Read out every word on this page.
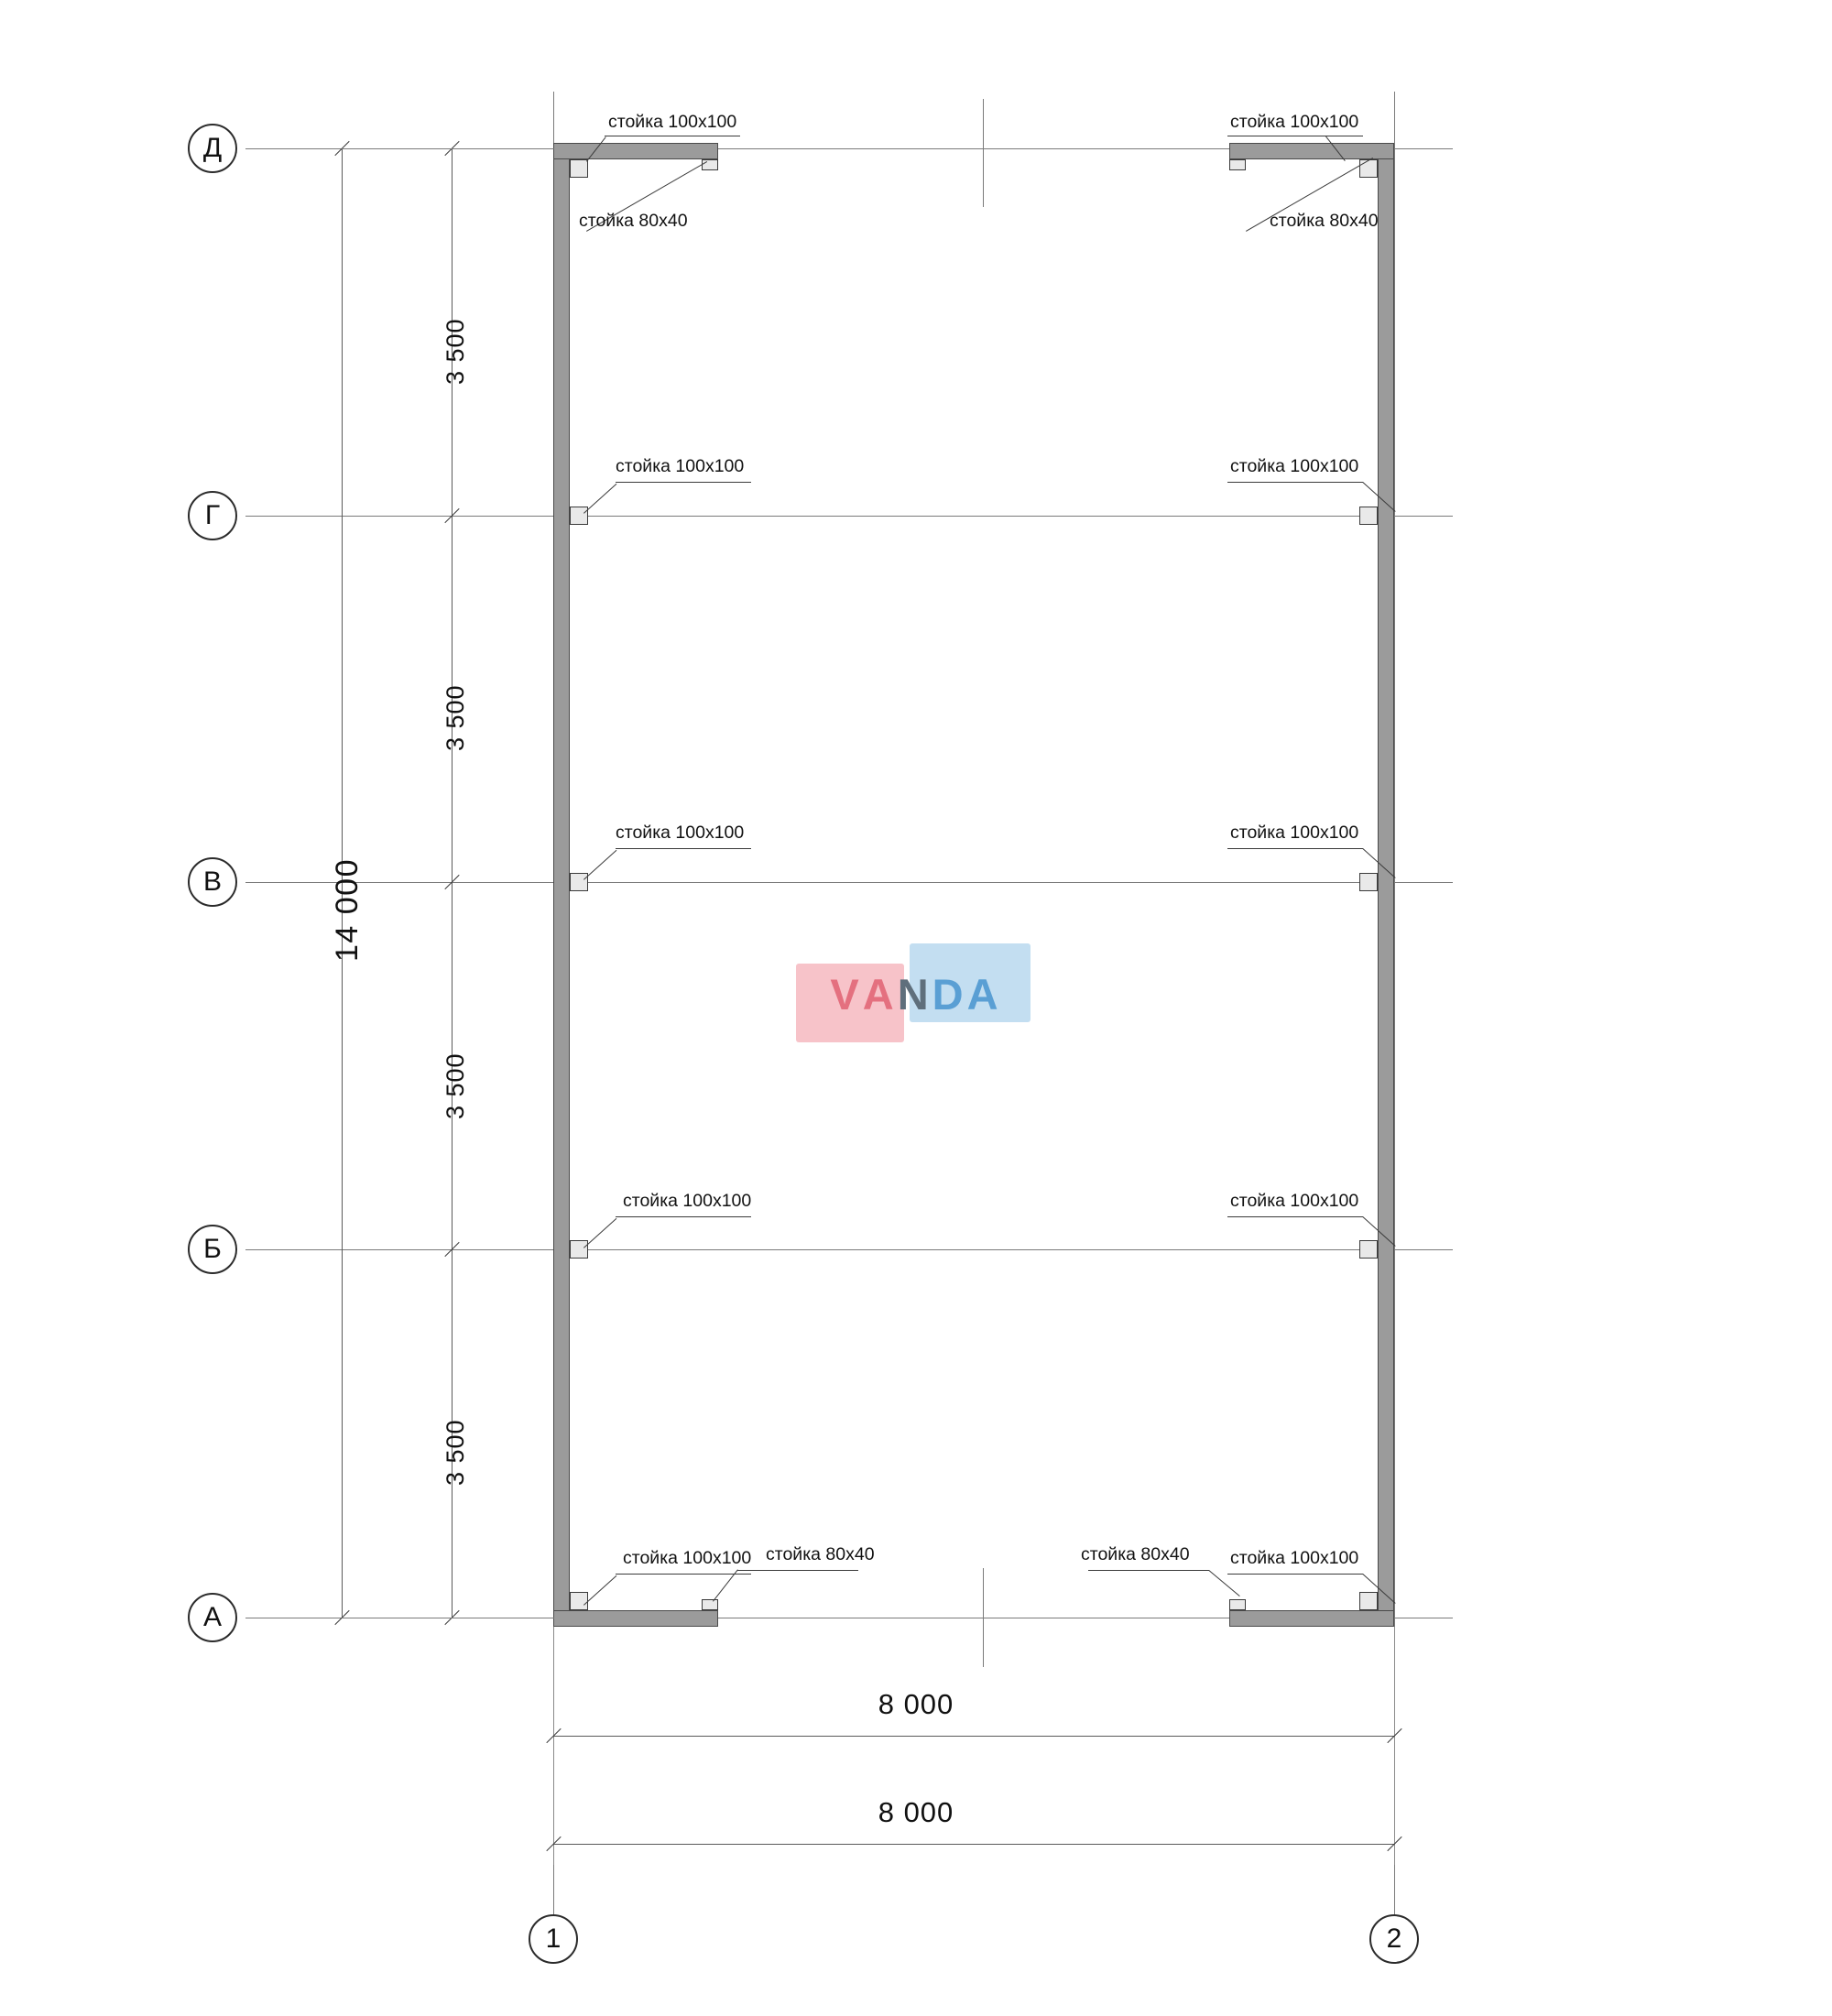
Д
Г
В
Б
А
1	2
стойка 100x100
стойка 80x40
стойка 100x100
стойка 80x40
стойка 100x100	стойка 100x100
стойка 100x100	стойка 100x100
стойка 100x100	стойка 100x100
стойка 100x100 стойка 80x40	стойка 80x40 стойка 100x100
3 500
3 500
3 500
3 500
14 000
8 000
8 000
V A N D A
